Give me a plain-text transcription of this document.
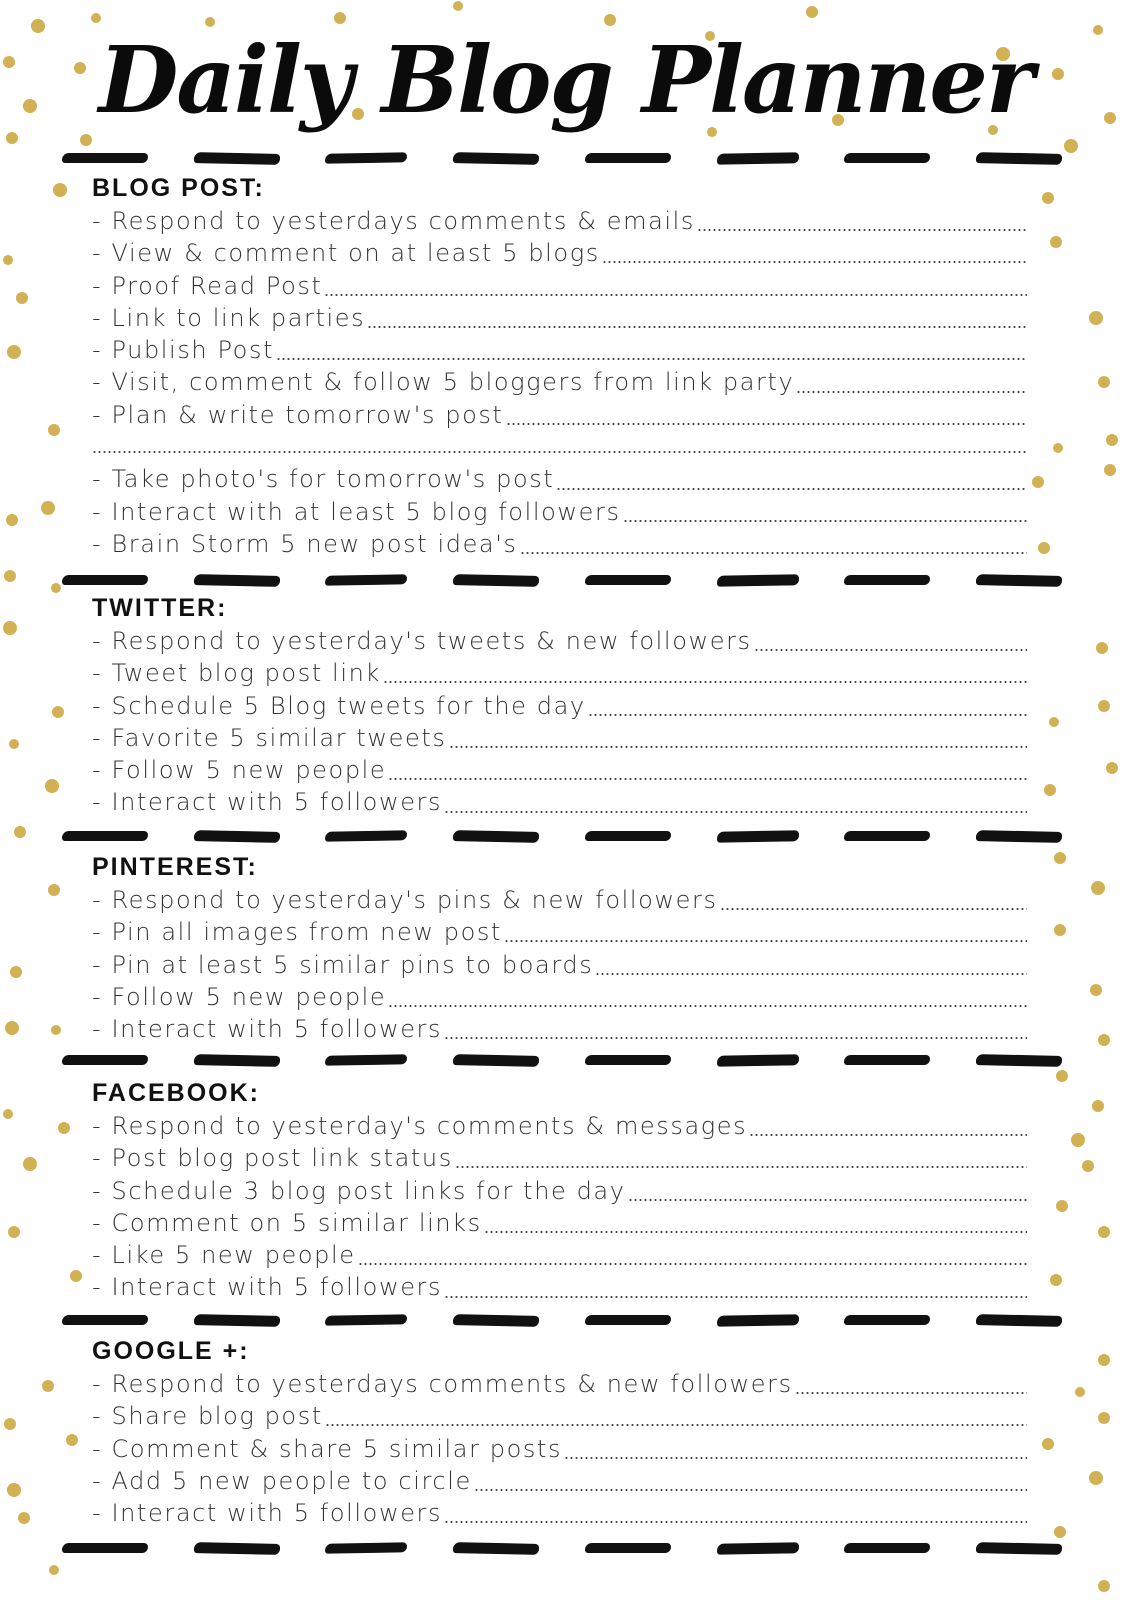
Daily Blog Planner
BLOG POST:
- Respond to yesterdays comments & emails
- View & comment on at least 5 blogs
- Proof Read Post
- Link to link parties
- Publish Post
- Visit, comment & follow 5 bloggers from link party
- Plan & write tomorrow's post
- Take photo's for tomorrow's post
- Interact with at least 5 blog followers
- Brain Storm 5 new post idea's
TWITTER:
- Respond to yesterday's tweets & new followers
- Tweet blog post link
- Schedule 5 Blog tweets for the day
- Favorite 5 similar tweets
- Follow 5 new people
- Interact with 5 followers
PINTEREST:
- Respond to yesterday's pins & new followers
- Pin all images from new post
- Pin at least 5 similar pins to boards
- Follow 5 new people
- Interact with 5 followers
FACEBOOK:
- Respond to yesterday's comments & messages
- Post blog post link status
- Schedule 3 blog post links for the day
- Comment on 5 similar links
- Like 5 new people
- Interact with 5 followers
GOOGLE +:
- Respond to yesterdays comments & new followers
- Share blog post
- Comment & share 5 similar posts
- Add 5 new people to circle
- Interact with 5 followers
